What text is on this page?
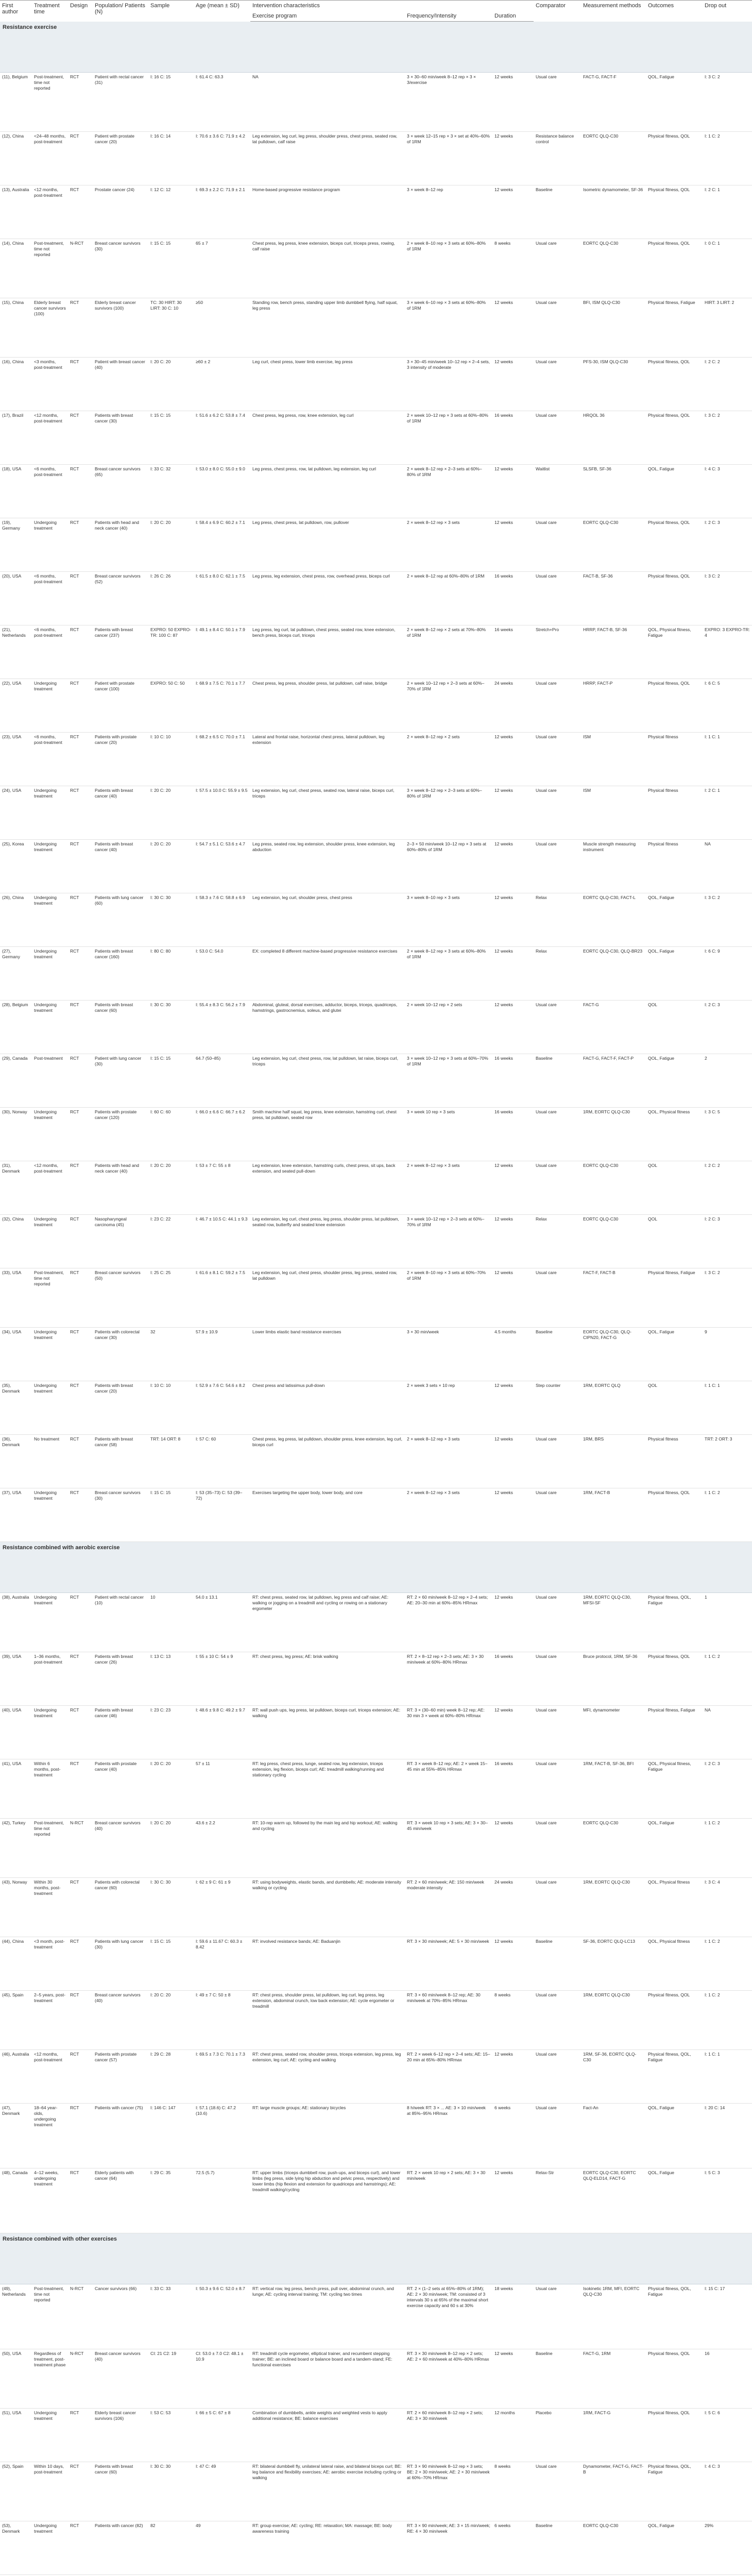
First author	Treatment time	Design	Population/ Patients (N)	Sample	Age (mean ± SD)	Intervention characteristics			Comparator	Measurement methods	Outcomes	Drop out
						Exercise program	Frequency/Intensity	Duration				
Resistance exercise												
(11), Belgium	Post-treatment, time not reported	RCT	Patient with rectal cancer (31)	I: 16 C: 15	I: 61.4 C: 63.3	NA	3 × 30–60 min/week 8–12 rep × 3 × 3/exercise	12 weeks	Usual care	FACT-G, FACT-F	QOL, Fatigue	I: 3 C: 2
(12), China	<24–48 months, post-treatment	RCT	Patient with prostate cancer (20)	I: 16 C: 14	I: 70.6 ± 3.6 C: 71.9 ± 4.2	Leg extension, leg curl, leg press, shoulder press, chest press, seated row, lat pulldown, calf raise	3 × week 12–15 rep × 3 × set at 40%–60% of 1RM	12 weeks	Resistance balance control	EORTC QLQ-C30	Physical fitness, QOL	I: 1 C: 2
(13), Australia	<12 months, post-treatment	RCT	Prostate cancer (24)	I: 12 C: 12	I: 69.3 ± 2.2 C: 71.9 ± 2.1	Home-based progressive resistance program	3 × week 8–12 rep	12 weeks	Baseline	Isometric dynamometer, SF-36	Physical fitness, QOL	I: 2 C: 1
(14), China	Post-treatment, time not reported	N-RCT	Breast cancer survivors (30)	I: 15 C: 15	65 ± 7	Chest press, leg press, knee extension, biceps curl, triceps press, rowing, calf raise	2 × week 8–10 rep × 3 sets at 60%–80% of 1RM	8 weeks	Usual care	EORTC QLQ-C30	Physical fitness, QOL	I: 0 C: 1
(15), China	Elderly breast cancer survivors (100)	RCT	Elderly breast cancer survivors (100)	TC: 30 HIRT: 30 LIRT: 30 C: 10	≥50	Standing row, bench press, standing upper limb dumbbell flying, half squat, leg press	3 × week 6–10 rep × 3 sets at 60%–80% of 1RM	12 weeks	Usual care	BFI, ISM QLQ-C30	Physical fitness, Fatigue	HIRT: 3 LIRT: 2
(16), China	<3 months, post-treatment	RCT	Patient with breast cancer (40)	I: 20 C: 20	≥60 ± 2	Leg curl, chest press, lower limb exercise, leg press	3 × 30–45 min/week 10–12 rep × 2–4 sets, 3 intensity of moderate	12 weeks	Usual care	PFS-30, ISM QLQ-C30	Physical fitness, QOL	I: 2 C: 2
(17), Brazil	<12 months, post-treatment	RCT	Patients with breast cancer (30)	I: 15 C: 15	I: 51.6 ± 6.2 C: 53.8 ± 7.4	Chest press, leg press, row, knee extension, leg curl	2 × week 10–12 rep × 3 sets at 60%–80% of 1RM	16 weeks	Usual care	HRQOL 36	Physical fitness, QOL	I: 3 C: 2
(18), USA	<6 months, post-treatment	RCT	Breast cancer survivors (65)	I: 33 C: 32	I: 53.0 ± 8.0 C: 55.0 ± 9.0	Leg press, chest press, row, lat pulldown, leg extension, leg curl	2 × week 8–12 rep × 2–3 sets at 60%–80% of 1RM	12 weeks	Waitlist	SLSFB, SF-36	QOL, Fatigue	I: 4 C: 3
(19), Germany	Undergoing treatment	RCT	Patients with head and neck cancer (40)	I: 20 C: 20	I: 58.4 ± 6.9 C: 60.2 ± 7.1	Leg press, chest press, lat pulldown, row, pullover	2 × week 8–12 rep × 3 sets	12 weeks	Usual care	EORTC QLQ-C30	Physical fitness, QOL	I: 2 C: 3
(20), USA	<6 months, post-treatment	RCT	Breast cancer survivors (52)	I: 26 C: 26	I: 61.5 ± 8.0 C: 62.1 ± 7.5	Leg press, leg extension, chest press, row, overhead press, biceps curl	2 × week 8–12 rep at 60%–80% of 1RM	16 weeks	Usual care	FACT-B, SF-36	Physical fitness, QOL	I: 3 C: 2
(21), Netherlands	<6 months, post-treatment	RCT	Patients with breast cancer (237)	EXPRO: 50 EXPRO-TR: 100 C: 87	I: 49.1 ± 8.4 C: 50.1 ± 7.9	Leg press, leg curl, lat pulldown, chest press, seated row, knee extension, bench press, biceps curl, triceps	2 × week 8–12 rep × 2 sets at 70%–80% of 1RM	16 weeks	Stretch+Pro	HRRP, FACT-B, SF-36	QOL, Physical fitness, Fatigue	EXPRO: 3 EXPRO-TR: 4
(22), USA	Undergoing treatment	RCT	Patient with prostate cancer (100)	EXPRO: 50 C: 50	I: 68.9 ± 7.5 C: 70.1 ± 7.7	Chest press, leg press, shoulder press, lat pulldown, calf raise, bridge	2 × week 10–12 rep × 2–3 sets at 60%–70% of 1RM	24 weeks	Usual care	HRRP, FACT-P	Physical fitness, QOL	I: 6 C: 5
(23), USA	<6 months, post-treatment	RCT	Patients with prostate cancer (20)	I: 10 C: 10	I: 68.2 ± 6.5 C: 70.0 ± 7.1	Lateral and frontal raise, horizontal chest press, lateral pulldown, leg extension	2 × week 8–12 rep × 2 sets	12 weeks	Usual care	ISM	Physical fitness	I: 1 C: 1
(24), USA	Undergoing treatment	RCT	Patients with breast cancer (40)	I: 20 C: 20	I: 57.5 ± 10.0 C: 55.9 ± 9.5	Leg extension, leg curl, chest press, seated row, lateral raise, biceps curl, triceps	3 × week 8–12 rep × 2–3 sets at 60%–80% of 1RM	12 weeks	Usual care	ISM	Physical fitness	I: 2 C: 1
(25), Korea	Undergoing treatment	RCT	Patients with breast cancer (40)	I: 20 C: 20	I: 54.7 ± 5.1 C: 53.6 ± 4.7	Leg press, seated row, leg extension, shoulder press, knee extension, leg abduction	2–3 × 50 min/week 10–12 rep × 3 sets at 60%–80% of 1RM	12 weeks	Usual care	Muscle strength measuring instrument	Physical fitness	NA
(26), China	Undergoing treatment	RCT	Patients with lung cancer (60)	I: 30 C: 30	I: 58.3 ± 7.6 C: 58.8 ± 6.9	Leg extension, leg curl, shoulder press, chest press	3 × week 8–10 rep × 3 sets	12 weeks	Relax	EORTC QLQ-C30, FACT-L	QOL, Fatigue	I: 3 C: 2
(27), Germany	Undergoing treatment	RCT	Patients with breast cancer (160)	I: 80 C: 80	I: 53.0 C: 54.0	EX: completed 8 different machine-based progressive resistance exercises	2 × week 8–12 rep × 3 sets at 60%–80% of 1RM	12 weeks	Relax	EORTC QLQ-C30, QLQ-BR23	QOL, Fatigue	I: 6 C: 9
(28), Belgium	Undergoing treatment	RCT	Patients with breast cancer (60)	I: 30 C: 30	I: 55.4 ± 8.3 C: 56.2 ± 7.9	Abdominal, gluteal, dorsal exercises, adductor, biceps, triceps, quadriceps, hamstrings, gastrocnemius, soleus, and glutei	2 × week 10–12 rep × 2 sets	12 weeks	Usual care	FACT-G	QOL	I: 2 C: 3
(29), Canada	Post-treatment	RCT	Patient with lung cancer (30)	I: 15 C: 15	64.7 (50–85)	Leg extension, leg curl, chest press, row, lat pulldown, lat raise, biceps curl, triceps	3 × week 10–12 rep × 3 sets at 60%–70% of 1RM	16 weeks	Baseline	FACT-G, FACT-F, FACT-P	QOL, Fatigue	2
(30), Norway	Undergoing treatment	RCT	Patients with prostate cancer (120)	I: 60 C: 60	I: 66.0 ± 6.6 C: 66.7 ± 6.2	Smith machine half squat, leg press, knee extension, hamstring curl, chest press, lat pulldown, seated row	3 × week 10 rep × 3 sets	16 weeks	Usual care	1RM, EORTC QLQ-C30	QOL, Physical fitness	I: 3 C: 5
(31), Denmark	<12 months, post-treatment	RCT	Patients with head and neck cancer (40)	I: 20 C: 20	I: 53 ± 7 C: 55 ± 8	Leg extension, knee extension, hamstring curls, chest press, sit ups, back extension, and seated pull-down	2 × week 8–12 rep × 3 sets	12 weeks	Usual care	EORTC QLQ-C30	QOL	I: 2 C: 2
(32), China	Undergoing treatment	RCT	Nasopharyngeal carcinoma (45)	I: 23 C: 22	I: 46.7 ± 10.5 C: 44.1 ± 9.3	Leg extension, leg curl, chest press, leg press, shoulder press, lat pulldown, seated row, butterfly and seated knee extension	3 × week 10–12 rep × 2–3 sets at 60%–70% of 1RM	12 weeks	Relax	EORTC QLQ-C30	QOL	I: 2 C: 3
(33), USA	Post-treatment, time not reported	RCT	Breast cancer survivors (50)	I: 25 C: 25	I: 61.6 ± 8.1 C: 59.2 ± 7.5	Leg extension, leg curl, chest press, shoulder press, leg press, seated row, lat pulldown	2 × week 8–10 rep × 3 sets at 60%–70% of 1RM	12 weeks	Usual care	FACT-F, FACT-B	Physical fitness, Fatigue	I: 3 C: 2
(34), USA	Undergoing treatment	RCT	Patients with colorectal cancer (30)	32	57.9 ± 10.9	Lower limbs elastic band resistance exercises	3 × 30 min/week	4.5 months	Baseline	EORTC QLQ-C30, QLQ-CIPN20, FACT-G	QOL, Fatigue	9
(35), Denmark	Undergoing treatment	RCT	Patients with breast cancer (20)	I: 10 C: 10	I: 52.9 ± 7.6 C: 54.6 ± 8.2	Chest press and latissimus pull-down	2 × week 3 sets × 10 rep	12 weeks	Step counter	1RM, EORTC QLQ	QOL	I: 1 C: 1
(36), Denmark	No treatment	RCT	Patients with breast cancer (58)	TRT: 14 ORT: 8	I: 57 C: 60	Chest press, leg press, lat pulldown, shoulder press, knee extension, leg curl, biceps curl	2 × week 8–12 rep × 3 sets	12 weeks	Usual care	1RM, BRS	Physical fitness	TRT: 2 ORT: 3
(37), USA	Undergoing treatment	RCT	Breast cancer survivors (30)	I: 15 C: 15	I: 53 (35–73) C: 53 (39–72)	Exercises targeting the upper body, lower body, and core	2 × week 8–12 rep × 3 sets	12 weeks	Usual care	1RM, FACT-B	Physical fitness, QOL	I: 1 C: 2
Resistance combined with aerobic exercise												
(38), Australia	Undergoing treatment	RCT	Patient with rectal cancer (10)	10	54.0 ± 13.1	RT: chest press, seated row, lat pulldown, leg press and calf raise; AE: walking or jogging on a treadmill and cycling or rowing on a stationary ergometer	RT: 2 × 60 min/week 8–12 rep × 2–4 sets; AE: 20–30 min at 60%–85% HRmax	12 weeks	Usual care	1RM, EORTC QLQ-C30, MFSI-SF	Physical fitness, QOL, Fatigue	1
(39), USA	1–36 months, post-treatment	RCT	Patients with breast cancer (26)	I: 13 C: 13	I: 55 ± 10 C: 54 ± 9	RT: chest press, leg press; AE: brisk walking	RT: 2 × 8–12 rep × 2–3 sets; AE: 3 × 30 min/week at 60%–80% HRmax	16 weeks	Usual care	Bruce protocol, 1RM, SF-36	Physical fitness, QOL	I: 1 C: 2
(40), USA	Undergoing treatment	RCT	Patients with breast cancer (46)	I: 23 C: 23	I: 48.6 ± 9.8 C: 49.2 ± 9.7	RT: wall push ups, leg press, lat pulldown, biceps curl, triceps extension; AE: walking	RT: 3 × (30–60 min) week 8–12 rep; AE: 30 min 3 × week at 60%–80% HRmax	12 weeks	Usual care	MFI, dynamometer	Physical fitness, Fatigue	NA
(41), USA	Within 6 months, post-treatment	RCT	Patients with prostate cancer (40)	I: 20 C: 20	57 ± 11	RT: leg press, chest press, lunge, seated row, leg extension, triceps extension, leg flexion, biceps curl; AE: treadmill walking/running and stationary cycling	RT: 3 × week 8–12 rep; AE: 2 × week 15–45 min at 55%–85% HRmax	16 weeks	Usual care	1RM, FACT-B, SF-36, BFI	QOL, Physical fitness, Fatigue	I: 2 C: 3
(42), Turkey	Post-treatment, time not reported	N-RCT	Breast cancer survivors (40)	I: 20 C: 20	43.6 ± 2.2	RT: 10-rep warm up, followed by the main leg and hip workout; AE: walking and cycling	RT: 3 × week 10 rep × 3 sets; AE: 3 × 30–45 min/week	12 weeks	Usual care	EORTC QLQ-C30	QOL, Fatigue	I: 1 C: 2
(43), Norway	Within 30 months, post-treatment	RCT	Patients with colorectal cancer (60)	I: 30 C: 30	I: 62 ± 9 C: 61 ± 9	RT: using bodyweights, elastic bands, and dumbbells; AE: moderate intensity walking or cycling	RT: 2 × 60 min/week; AE: 150 min/week moderate intensity	24 weeks	Usual care	1RM, EORTC QLQ-C30	QOL, Physical fitness	I: 3 C: 4
(44), China	<3 month, post-treatment	RCT	Patients with lung cancer (30)	I: 15 C: 15	I: 59.6 ± 11.67 C: 60.3 ± 8.42	RT: involved resistance bands; AE: Baduanjin	RT: 3 × 30 min/week; AE: 5 × 30 min/week	12 weeks	Baseline	SF-36, EORTC QLQ-LC13	QOL, Physical fitness	I: 1 C: 2
(45), Spain	2–5 years, post-treatment	RCT	Breast cancer survivors (40)	I: 20 C: 20	I: 49 ± 7 C: 50 ± 8	RT: chest press, shoulder press, lat pulldown, leg curl, leg press, leg extension, abdominal crunch, low back extension; AE: cycle ergometer or treadmill	RT: 3 × 60 min/week 8–12 rep; AE: 30 min/week at 70%–85% HRmax	8 weeks	Usual care	1RM, EORTC QLQ-C30	Physical fitness, QOL	I: 1 C: 2
(46), Australia	<12 months, post-treatment	RCT	Patients with prostate cancer (57)	I: 29 C: 28	I: 69.5 ± 7.3 C: 70.1 ± 7.3	RT: chest press, seated row, shoulder press, triceps extension, leg press, leg extension, leg curl; AE: cycling and walking	RT: 2 × week 6–12 rep × 2–4 sets; AE: 15–20 min at 65%–80% HRmax	12 weeks	Usual care	1RM, SF-36, EORTC QLQ-C30	Physical fitness, QOL, Fatigue	I: 1 C: 1
(47), Denmark	18–64 year-olds, undergoing treatment	RCT	Patients with cancer (75)	I: 146 C: 147	I: 57.1 (18.6) C: 47.2 (10.6)	RT: large muscle groups; AE: stationary bicycles	8 h/week RT: 3 × ... AE: 3 × 10 min/week at 85%–95% HRmax	6 weeks	Usual care	Fact-An	QOL, Fatigue	I: 20 C: 14
(48), Canada	4–12 weeks, undergoing treatment	RCT	Elderly patients with cancer (64)	I: 29 C: 35	72.5 (5.7)	RT: upper limbs (triceps dumbbell row, push-ups, and biceps curl), and lower limbs (leg press, side lying hip abduction and pelvic press, respectively) and lower limbs (hip flexion and extension for quadriceps and hamstrings); AE: treadmill walking/cycling	RT: 2 × week 10 rep × 2 sets; AE: 3 × 30 min/week	12 weeks	Relax-Str	EORTC QLQ-C30, EORTC QLQ-ELD14, FACT-G	QOL, Fatigue	I: 5 C: 3
Resistance combined with other exercises												
(49), Netherlands	Post-treatment, time not reported	N-RCT	Cancer survivors (66)	I: 33 C: 33	I: 50.3 ± 9.6 C: 52.0 ± 8.7	RT: vertical row, leg press, bench press, pull over, abdominal crunch, and lunge; AE: cycling interval training; TM: cycling two times	RT: 2 × (1–2 sets at 65%–80% of 1RM); AE: 2 × 30 min/week; TM: consisted of 3 intervals 30 s at 65% of the maximal short exercise capacity and 60 s at 30%	18 weeks	Usual care	Isokinetic 1RM, MFI, EORTC QLQ-C30	Physical fitness, QOL, Fatigue	I: 15 C: 17
(50), USA	Regardless of treatment, post-treatment phase	N-RCT	Breast cancer survivors (40)	CI: 21 C2: 19	CI: 53.0 ± 7.0 C2: 48.1 ± 10.9	RT: treadmill cycle ergometer, elliptical trainer, and recumbent stepping trainer; BE: an inclined board or balance board and a tandem-stand; FE: functional exercises	RT: 3 × 30 min/week 8–12 rep × 2 sets; AE: 2 × 60 min/week at 40%–80% HRmax	12 weeks	Baseline	FACT-G, 1RM	Physical fitness, QOL	16
(51), USA	Undergoing treatment	RCT	Elderly breast cancer survivors (106)	I: 53 C: 53	I: 66 ± 5 C: 67 ± 8	Combination of dumbbells, ankle weights and weighted vests to apply additional resistance; BE: balance exercises	RT: 2 × 60 min/week 8–12 rep × 2 sets; AE: 3 × 30 min/week	12 months	Placebo	1RM, FACT-G	Physical fitness, QOL	I: 5 C: 6
(52), Spain	Within 10 days, post-treatment	RCT	Patients with breast cancer (60)	I: 30 C: 30	I: 47 C: 49	RT: bilateral dumbbell fly, unilateral lateral raise, and bilateral biceps curl; BE: leg balance and flexibility exercises; AE: aerobic exercise including cycling or walking	RT: 3 × 90 min/week 8–12 rep × 3 sets; BE: 2 × 30 min/week; AE: 2 × 30 min/week at 60%–70% HRmax	8 weeks	Usual care	Dynamometer, FACT-G, FACT-B	Physical fitness, QOL, Fatigue	I: 4 C: 3
(53), Denmark	Undergoing treatment	RCT	Patients with cancer (82)	82	49	RT: group exercise; AE: cycling; RE: relaxation; MA: massage; BE: body awareness training	RT: 3 × 90 min/week; AE: 3 × 15 min/week; RE: 4 × 30 min/week	6 weeks	Baseline	EORTC QLQ-C30	QOL, Fatigue	29%
